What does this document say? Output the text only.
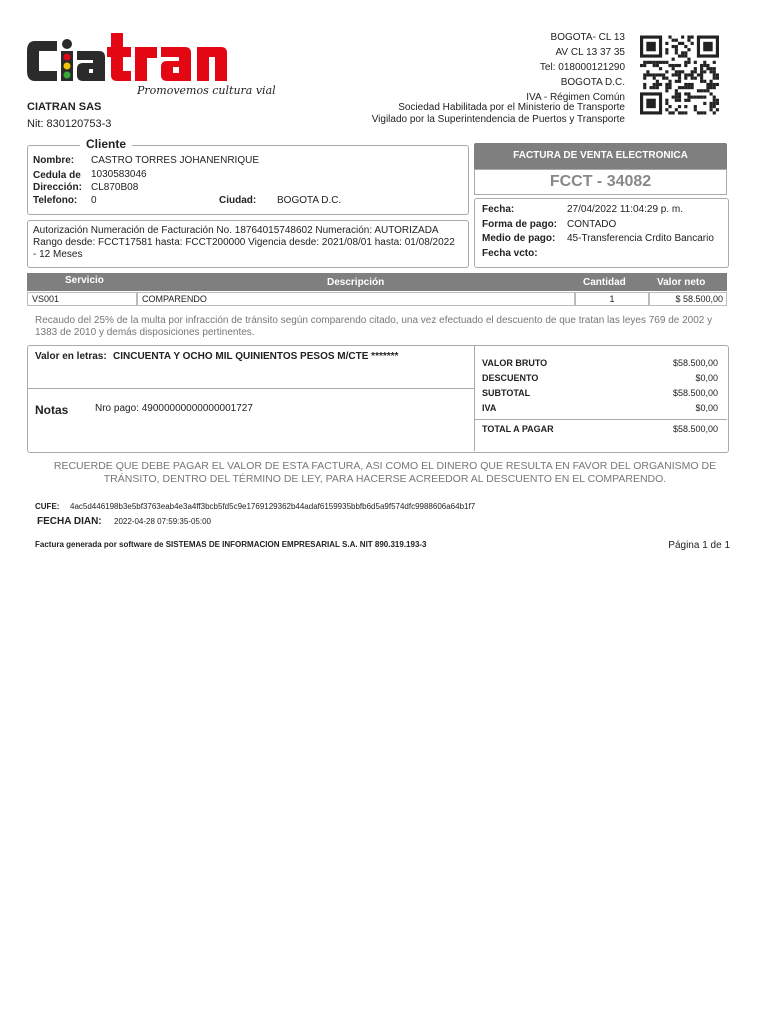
Promovemos cultura vial
CIATRAN SAS
Nit: 830120753-3
BOGOTA- CL 13
AV CL 13 37 35
Tel: 018000121290
BOGOTA D.C.
IVA - Régimen Común
Sociedad Habilitada por el Ministerio de Transporte
Vigilado por la Superintendencia de Puertos y Transporte
Cliente
Nombre: CASTRO TORRES JOHANENRIQUE
Cedula de 1030583046
Dirección: CL870B08
Telefono: 0	Ciudad: BOGOTA D.C.
Autorización Numeración de Facturación No. 18764015748602 Numeración: AUTORIZADA
Rango desde: FCCT17581 hasta: FCCT200000 Vigencia desde: 2021/08/01 hasta: 01/08/2022
- 12 Meses
FACTURA DE VENTA ELECTRONICA
FCCT - 34082
Fecha:	27/04/2022 11:04:29 p. m.
Forma de pago: CONTADO
Medio de pago: 45-Transferencia Crdito Bancario
Fecha vcto:
Servicio	Descripción	Cantidad	Valor neto
VS001	COMPARENDO	1	$ 58.500,00
Recaudo del 25% de la multa por infracción de tránsito según comparendo citado, una vez efectuado el descuento de que tratan las leyes 769 de 2002 y 1383 de 2010 y demás disposiciones pertinentes.
Valor en letras: CINCUENTA Y OCHO MIL QUINIENTOS PESOS M/CTE *******
Notas	Nro pago: 49000000000000001727
VALOR BRUTO	$58.500,00
DESCUENTO	$0,00
SUBTOTAL	$58.500,00
IVA	$0,00
TOTAL A PAGAR	$58.500,00
RECUERDE QUE DEBE PAGAR EL VALOR DE ESTA FACTURA, ASI COMO EL DINERO QUE RESULTA EN FAVOR DEL ORGANISMO DE TRÁNSITO, DENTRO DEL TÉRMINO DE LEY, PARA HACERSE ACREEDOR AL DESCUENTO EN EL COMPARENDO.
CUFE: 4ac5d446198b3e5bf3763eab4e3a4ff3bcb5fd5c9e1769129362b44adaf6159935bbfb6d5a9f574dfc9988606a64b1f7
FECHA DIAN: 2022-04-28 07:59:35-05:00
Factura generada por software de SISTEMAS DE INFORMACION EMPRESARIAL S.A. NIT 890.319.193-3	Página 1 de 1
